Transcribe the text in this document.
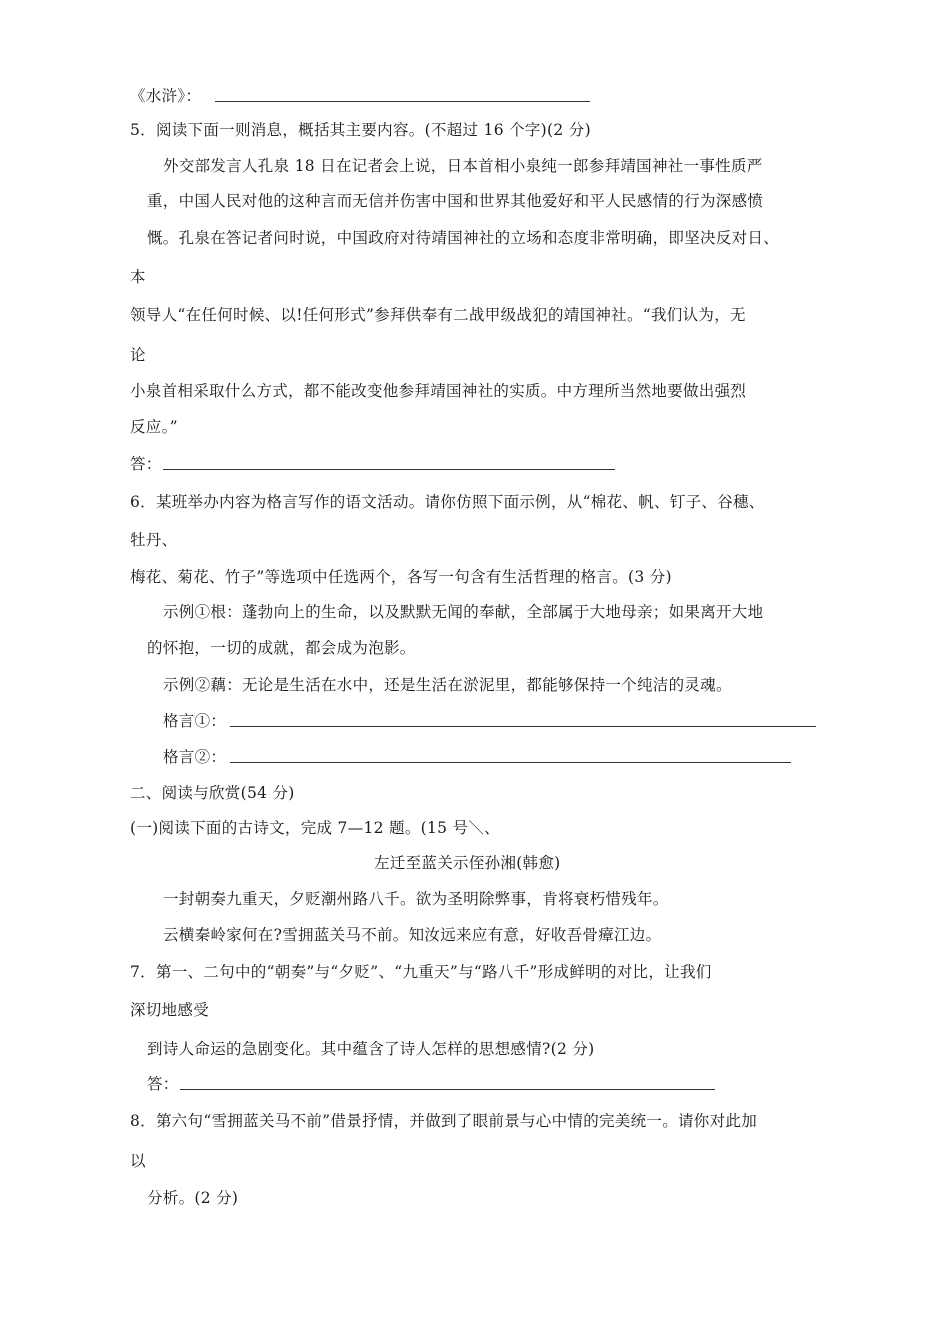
《水浒》：
5．阅读下面一则消息，概括其主要内容。(不超过 16 个字)(2 分)
外交部发言人孔泉 18 日在记者会上说，日本首相小泉纯一郎参拜靖国神社一事性质严
重，中国人民对他的这种言而无信并伤害中国和世界其他爱好和平人民感情的行为深感愤
慨。孔泉在答记者问时说，中国政府对待靖国神社的立场和态度非常明确，即坚决反对日、
本
领导人“在任何时候、以!任何形式”参拜供奉有二战甲级战犯的靖国神社。“我们认为，无
论
小泉首相采取什么方式，都不能改变他参拜靖国神社的实质。中方理所当然地要做出强烈
反应。”
答：
6．某班举办内容为格言写作的语文活动。请你仿照下面示例，从“棉花、帆、钉子、谷穗、
牡丹、
梅花、菊花、竹子”等选项中任选两个，各写一句含有生活哲理的格言。(3 分)
示例①根：蓬勃向上的生命，以及默默无闻的奉献，全部属于大地母亲；如果离开大地
的怀抱，一切的成就，都会成为泡影。
示例②藕：无论是生活在水中，还是生活在淤泥里，都能够保持一个纯洁的灵魂。
格言①：
格言②：
二、阅读与欣赏(54 分)
(一)阅读下面的古诗文，完成 7—12 题。(15 号＼、
左迁至蓝关示侄孙湘(韩愈)
一封朝奏九重天，夕贬潮州路八千。欲为圣明除弊事，肯将衰朽惜残年。
云横秦岭家何在?雪拥蓝关马不前。知汝远来应有意，好收吾骨瘴江边。
7．第一、二句中的“朝奏”与“夕贬”、“九重天”与“路八千”形成鲜明的对比，让我们
深切地感受
到诗人命运的急剧变化。其中蕴含了诗人怎样的思想感情?(2 分)
答：
8．第六句“雪拥蓝关马不前”借景抒情，并做到了眼前景与心中情的完美统一。请你对此加
以
分析。(2 分)
